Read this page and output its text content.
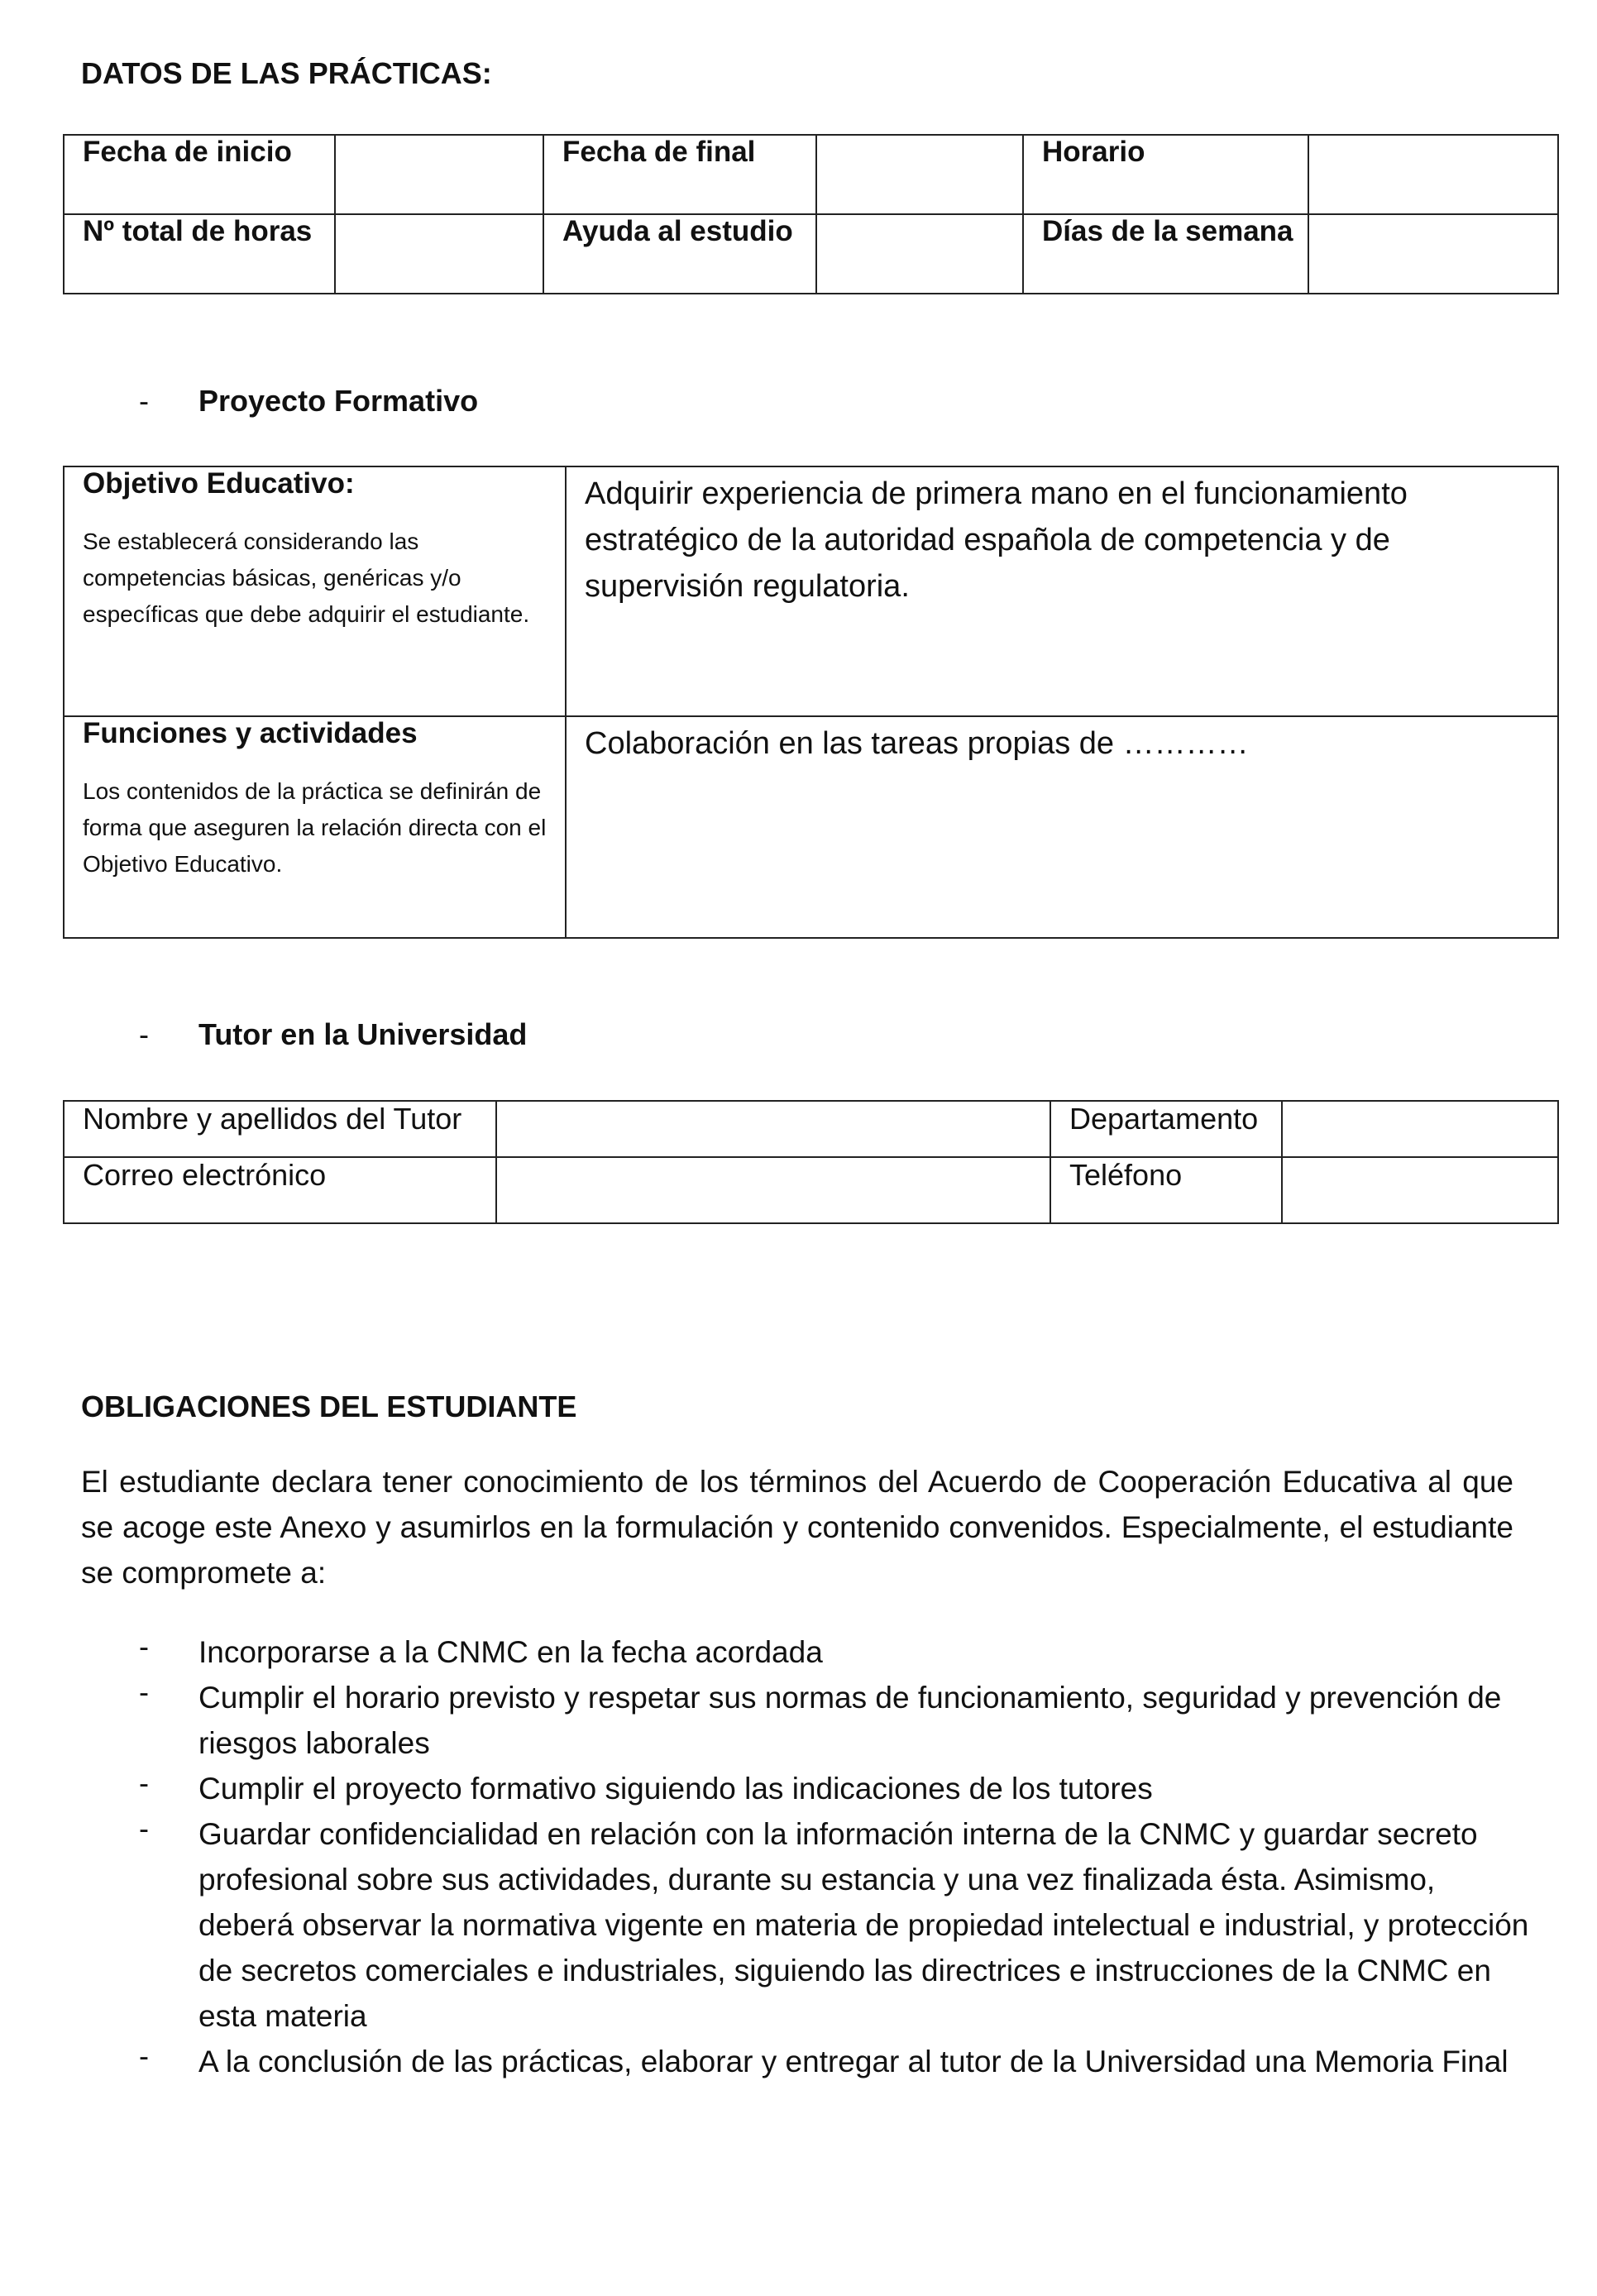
DATOS DE LAS PRÁCTICAS:
Fecha de inicio		Fecha de final		Horario	
Nº total de horas		Ayuda al estudio		Días de la semana	
- Proyecto Formativo
Objetivo Educativo:
Se establecerá considerando las competencias básicas, genéricas y/o específicas que debe adquirir el estudiante.	Adquirir experiencia de primera mano en el funcionamiento estratégico de la autoridad española de competencia y de supervisión regulatoria.

Funciones y actividades
Los contenidos de la práctica se definirán de forma que aseguren la relación directa con el Objetivo Educativo.	Colaboración en las tareas propias de …………
- Tutor en la Universidad
Nombre y apellidos del Tutor		Departamento	
Correo electrónico		Teléfono	
OBLIGACIONES DEL ESTUDIANTE
El estudiante declara tener conocimiento de los términos del Acuerdo de Cooperación Educativa al que se acoge este Anexo y asumirlos en la formulación y contenido convenidos. Especialmente, el estudiante se compromete a:
- Incorporarse a la CNMC en la fecha acordada
- Cumplir el horario previsto y respetar sus normas de funcionamiento, seguridad y prevención de riesgos laborales
- Cumplir el proyecto formativo siguiendo las indicaciones de los tutores
- Guardar confidencialidad en relación con la información interna de la CNMC y guardar secreto profesional sobre sus actividades, durante su estancia y una vez finalizada ésta. Asimismo, deberá observar la normativa vigente en materia de propiedad intelectual e industrial, y protección de secretos comerciales e industriales, siguiendo las directrices e instrucciones de la CNMC en esta materia
- A la conclusión de las prácticas, elaborar y entregar al tutor de la Universidad una Memoria Final
